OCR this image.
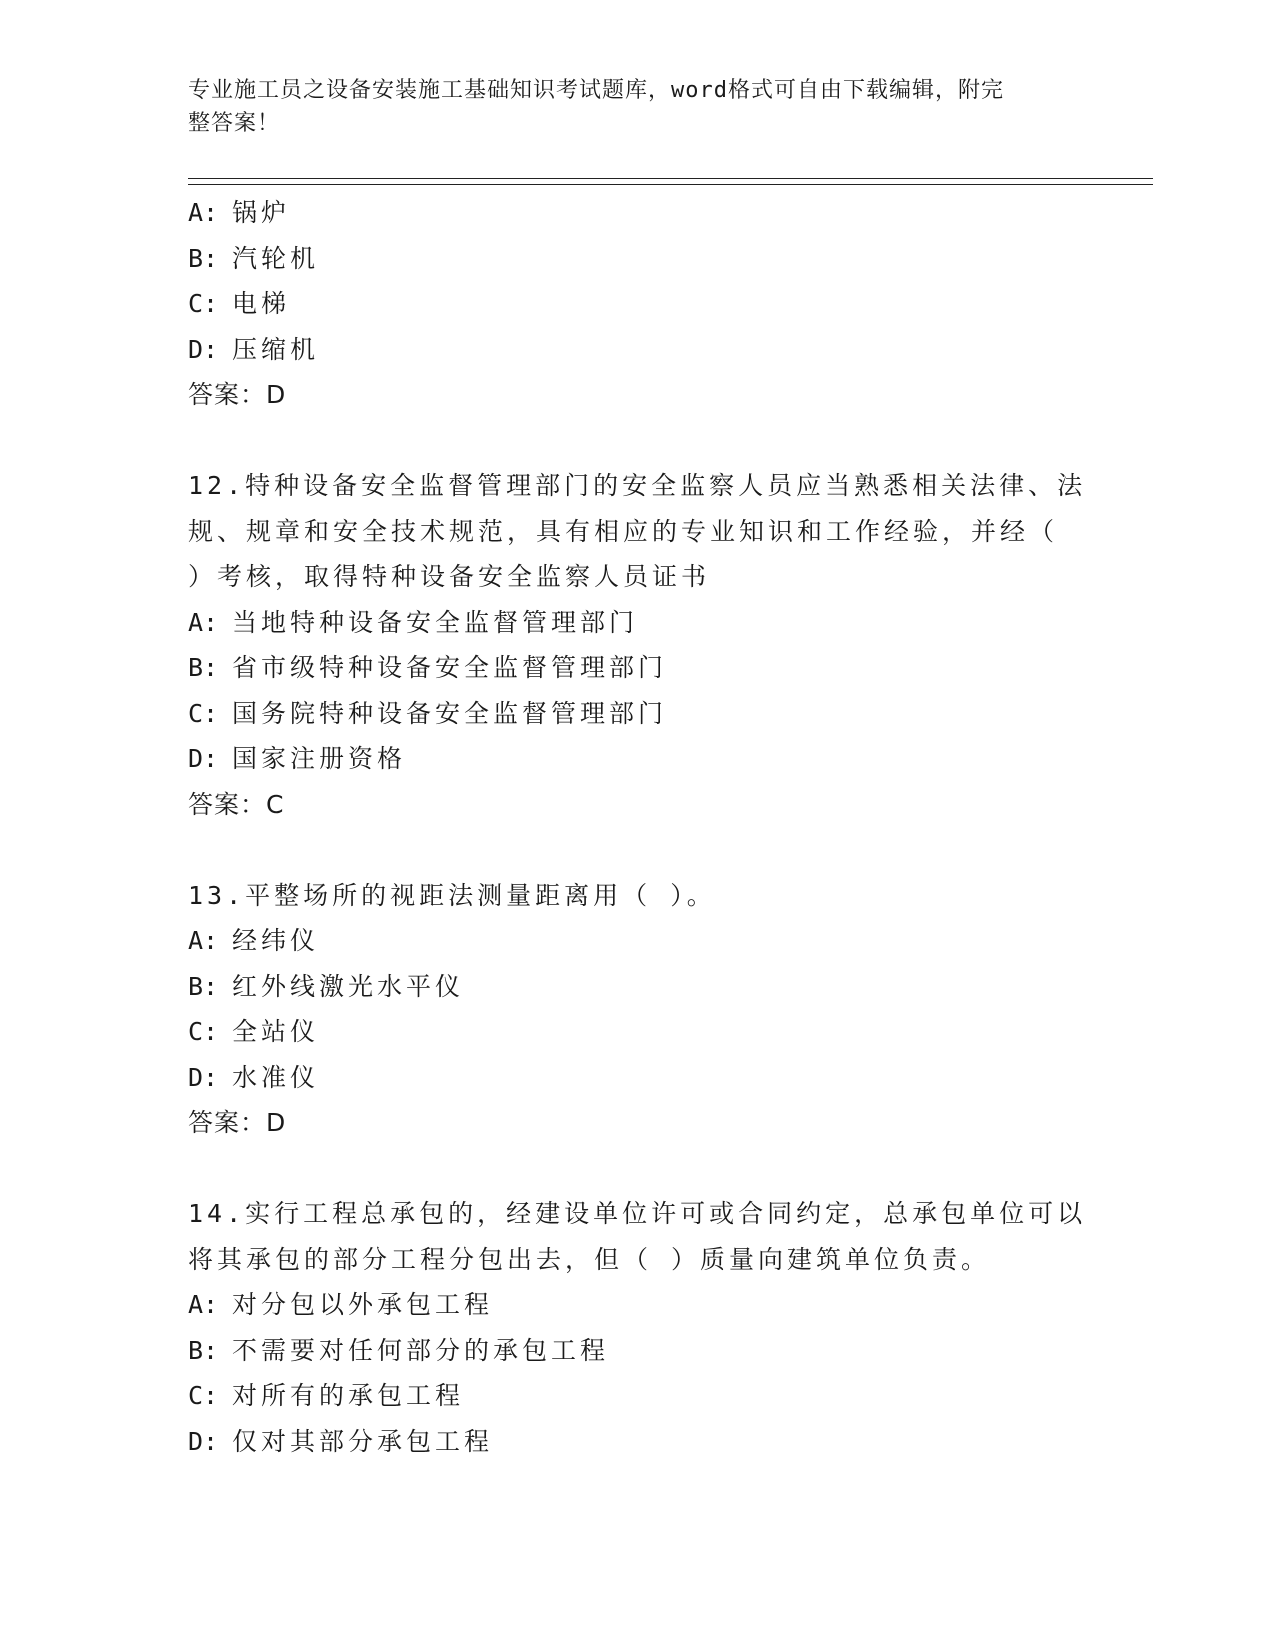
专业施工员之设备安装施工基础知识考试题库，word格式可自由下载编辑，附完
整答案！
A: 锅炉
B: 汽轮机
C: 电梯
D: 压缩机
答案：D
12.特种设备安全监督管理部门的安全监察人员应当熟悉相关法律、法
规、规章和安全技术规范，具有相应的专业知识和工作经验，并经（
）考核，取得特种设备安全监察人员证书
A: 当地特种设备安全监督管理部门
B: 省市级特种设备安全监督管理部门
C: 国务院特种设备安全监督管理部门
D: 国家注册资格
答案：C
13.平整场所的视距法测量距离用（ ）。
A: 经纬仪
B: 红外线激光水平仪
C: 全站仪
D: 水准仪
答案：D
14.实行工程总承包的，经建设单位许可或合同约定，总承包单位可以
将其承包的部分工程分包出去，但（ ）质量向建筑单位负责。
A: 对分包以外承包工程
B: 不需要对任何部分的承包工程
C: 对所有的承包工程
D: 仅对其部分承包工程
